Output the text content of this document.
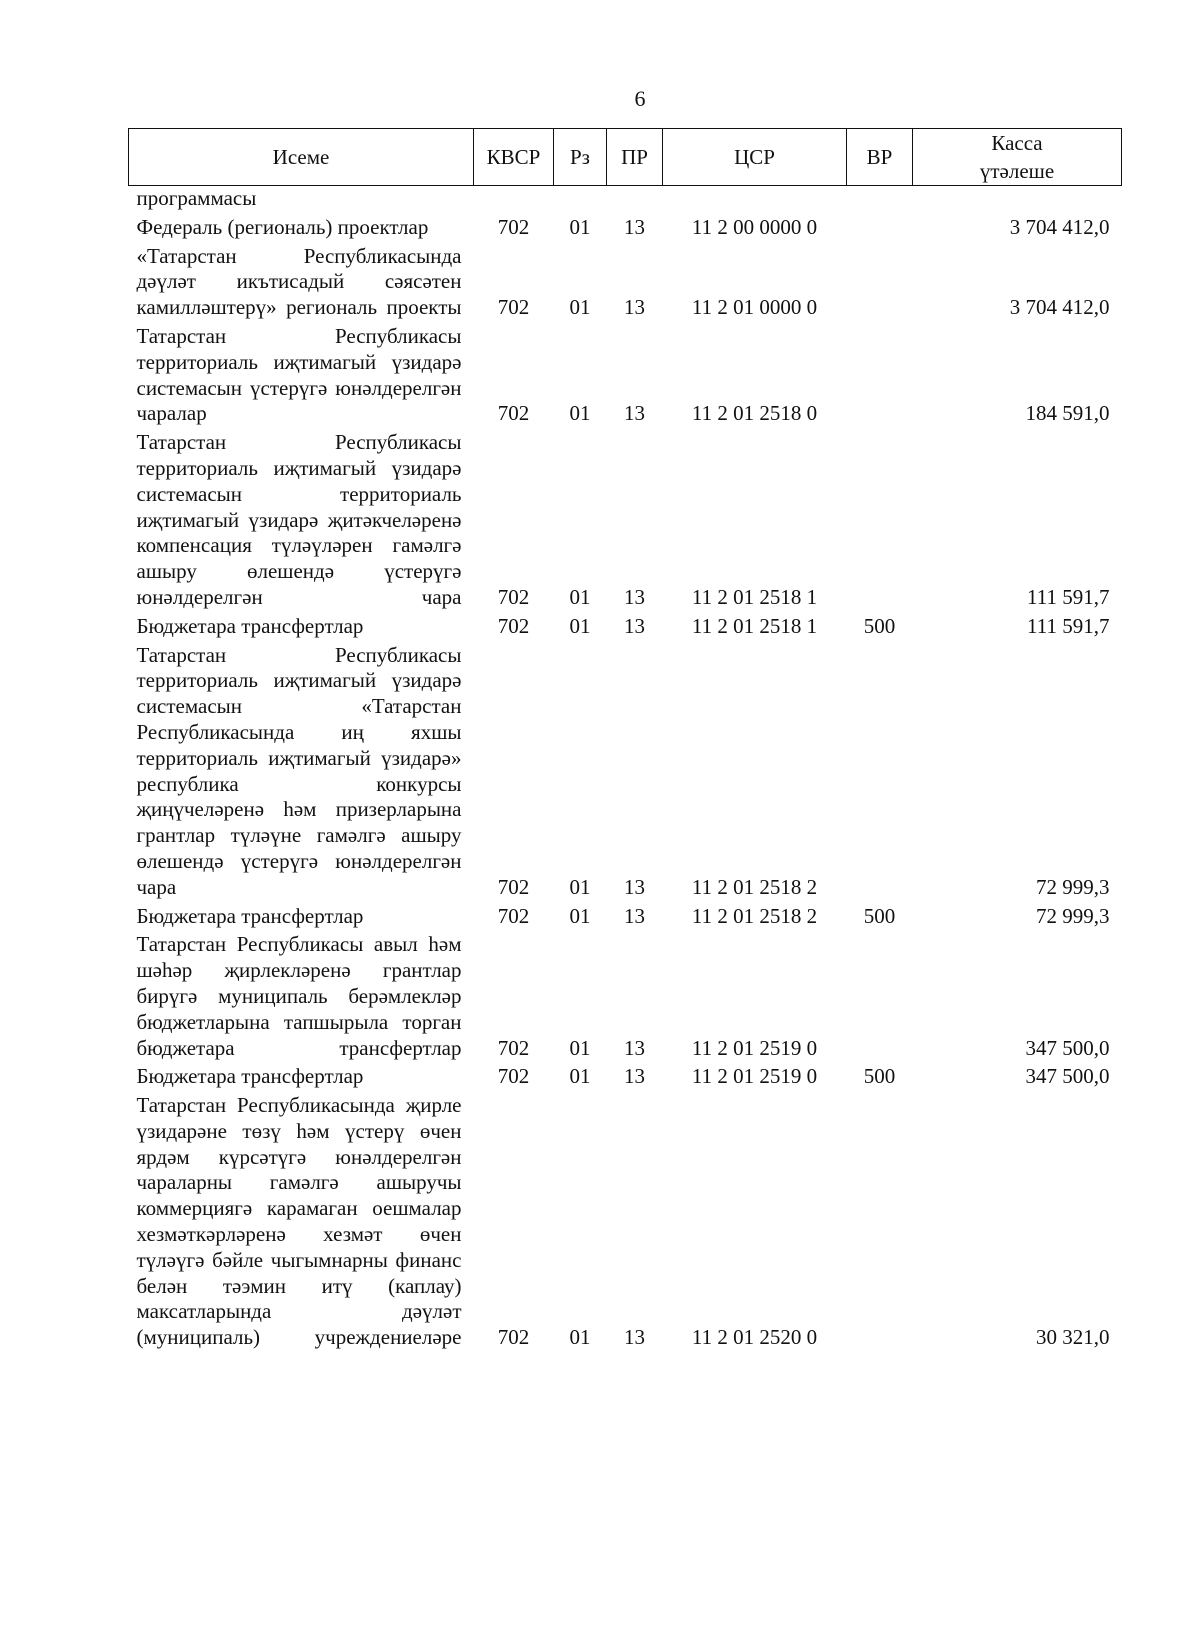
6
Исеме	КВСР	Рз	ПР	ЦСР	ВР	Касса
үтәлеше

программасы						
Федераль (региональ) проектлар	702	01	13	11 2 00 0000 0		3 704 412,0
«Татарстан Республикасында дәүләт икътисадый сәясәтен камилләштерү» региональ проекты	702	01	13	11 2 01 0000 0		3 704 412,0
Татарстан Республикасы территориаль иҗтимагый үзидарә системасын үстерүгә юнәлдерелгән чаралар	702	01	13	11 2 01 2518 0		184 591,0
Татарстан Республикасы территориаль иҗтимагый үзидарә системасын территориаль иҗтимагый үзидарә җитәкчеләренә компенсация түләүләрен гамәлгә ашыру өлешендә үстерүгә юнәлдерелгән чара	702	01	13	11 2 01 2518 1		111 591,7
Бюджетара трансфертлар	702	01	13	11 2 01 2518 1	500	111 591,7
Татарстан Республикасы территориаль иҗтимагый үзидарә системасын «Татарстан Республикасында иң яхшы территориаль иҗтимагый үзидарә» республика конкурсы җиңүчеләренә һәм призерларына грантлар түләүне гамәлгә ашыру өлешендә үстерүгә юнәлдерелгән чара	702	01	13	11 2 01 2518 2		72 999,3
Бюджетара трансфертлар	702	01	13	11 2 01 2518 2	500	72 999,3
Татарстан Республикасы авыл һәм шәһәр җирлекләренә грантлар бирүгә муниципаль берәмлекләр бюджетларына тапшырыла торган бюджетара трансфертлар	702	01	13	11 2 01 2519 0		347 500,0
Бюджетара трансфертлар	702	01	13	11 2 01 2519 0	500	347 500,0
Татарстан Республикасында җирле үзидарәне төзү һәм үстерү өчен ярдәм күрсәтүгә юнәлдерелгән чараларны гамәлгә ашыручы коммерциягә карамаган оешмалар хезмәткәрләренә хезмәт өчен түләүгә бәйле чыгымнарны финанс белән тәэмин итү (каплау) максатларында дәүләт (муниципаль) учреждениеләре	702	01	13	11 2 01 2520 0		30 321,0
